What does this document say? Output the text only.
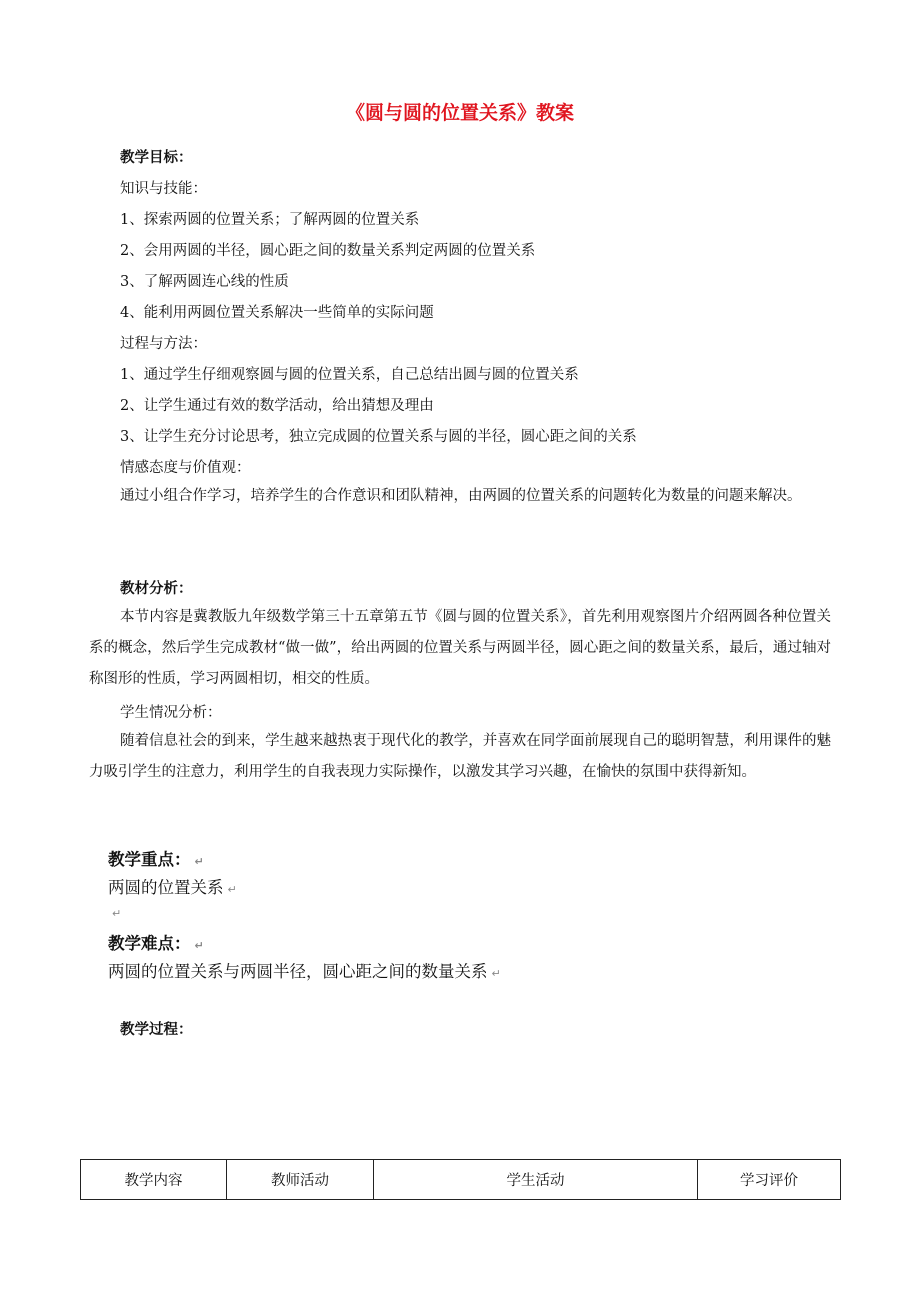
《圆与圆的位置关系》教案
教学目标：
知识与技能：
1、探索两圆的位置关系；了解两圆的位置关系
2、会用两圆的半径，圆心距之间的数量关系判定两圆的位置关系
3、了解两圆连心线的性质
4、能利用两圆位置关系解决一些简单的实际问题
过程与方法：
1、通过学生仔细观察圆与圆的位置关系，自己总结出圆与圆的位置关系
2、让学生通过有效的数学活动，给出猜想及理由
3、让学生充分讨论思考，独立完成圆的位置关系与圆的半径，圆心距之间的关系
情感态度与价值观：
通过小组合作学习，培养学生的合作意识和团队精神，由两圆的位置关系的问题转化为数量的问题来解决。
教材分析：
本节内容是冀教版九年级数学第三十五章第五节《圆与圆的位置关系》，首先利用观察图片介绍两圆各种位置关系的概念，然后学生完成教材“做一做”，给出两圆的位置关系与两圆半径，圆心距之间的数量关系，最后，通过轴对称图形的性质，学习两圆相切，相交的性质。
学生情况分析：
随着信息社会的到来，学生越来越热衷于现代化的教学，并喜欢在同学面前展现自己的聪明智慧，利用课件的魅力吸引学生的注意力，利用学生的自我表现力实际操作，以激发其学习兴趣，在愉快的氛围中获得新知。
教学重点： ↵
两圆的位置关系 ↵
↵
教学难点： ↵
两圆的位置关系与两圆半径，圆心距之间的数量关系 ↵
教学过程：
教学内容	教师活动	学生活动	学习评价
